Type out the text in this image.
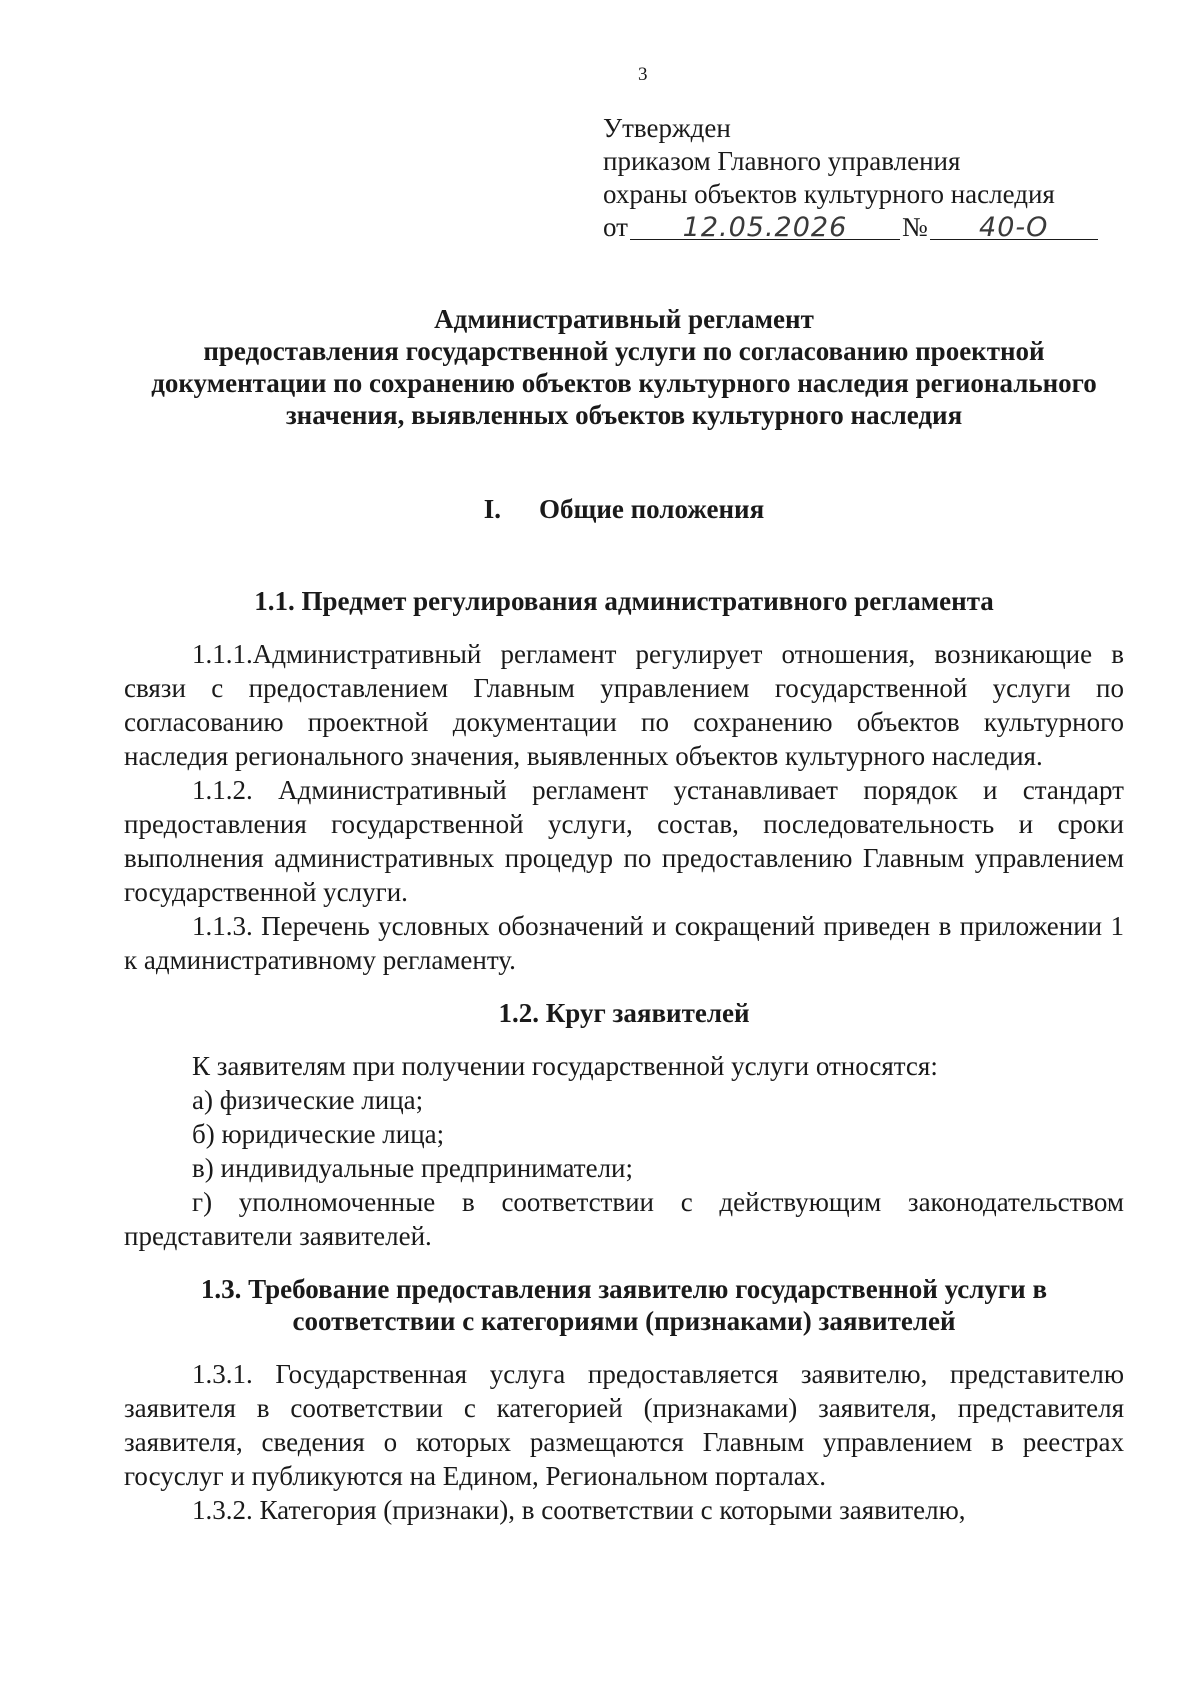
3
Утвержден
приказом Главного управления
охраны объектов культурного наследия
от 12.05.2026 № 40-О
Административный регламент
предоставления государственной услуги по согласованию проектной
документации по сохранению объектов культурного наследия регионального
значения, выявленных объектов культурного наследия
I. Общие положения
1.1. Предмет регулирования административного регламента

1.1.1.Административный регламент регулирует отношения, возникающие в связи с предоставлением Главным управлением государственной услуги по согласованию проектной документации по сохранению объектов культурного наследия регионального значения, выявленных объектов культурного наследия.

1.1.2. Административный регламент устанавливает порядок и стандарт предоставления государственной услуги, состав, последовательность и сроки выполнения административных процедур по предоставлению Главным управлением государственной услуги.

1.1.3. Перечень условных обозначений и сокращений приведен в приложении 1 к административному регламенту.

1.2. Круг заявителей

К заявителям при получении государственной услуги относятся:

а) физические лица;

б) юридические лица;

в) индивидуальные предприниматели;

г) уполномоченные в соответствии с действующим законодательством представители заявителей.

1.3. Требование предоставления заявителю государственной услуги в
соответствии с категориями (признаками) заявителей

1.3.1. Государственная услуга предоставляется заявителю, представителю заявителя в соответствии с категорией (признаками) заявителя, представителя заявителя, сведения о которых размещаются Главным управлением в реестрах госуслуг и публикуются на Едином, Региональном порталах.

1.3.2. Категория (признаки), в соответствии с которыми заявителю,
